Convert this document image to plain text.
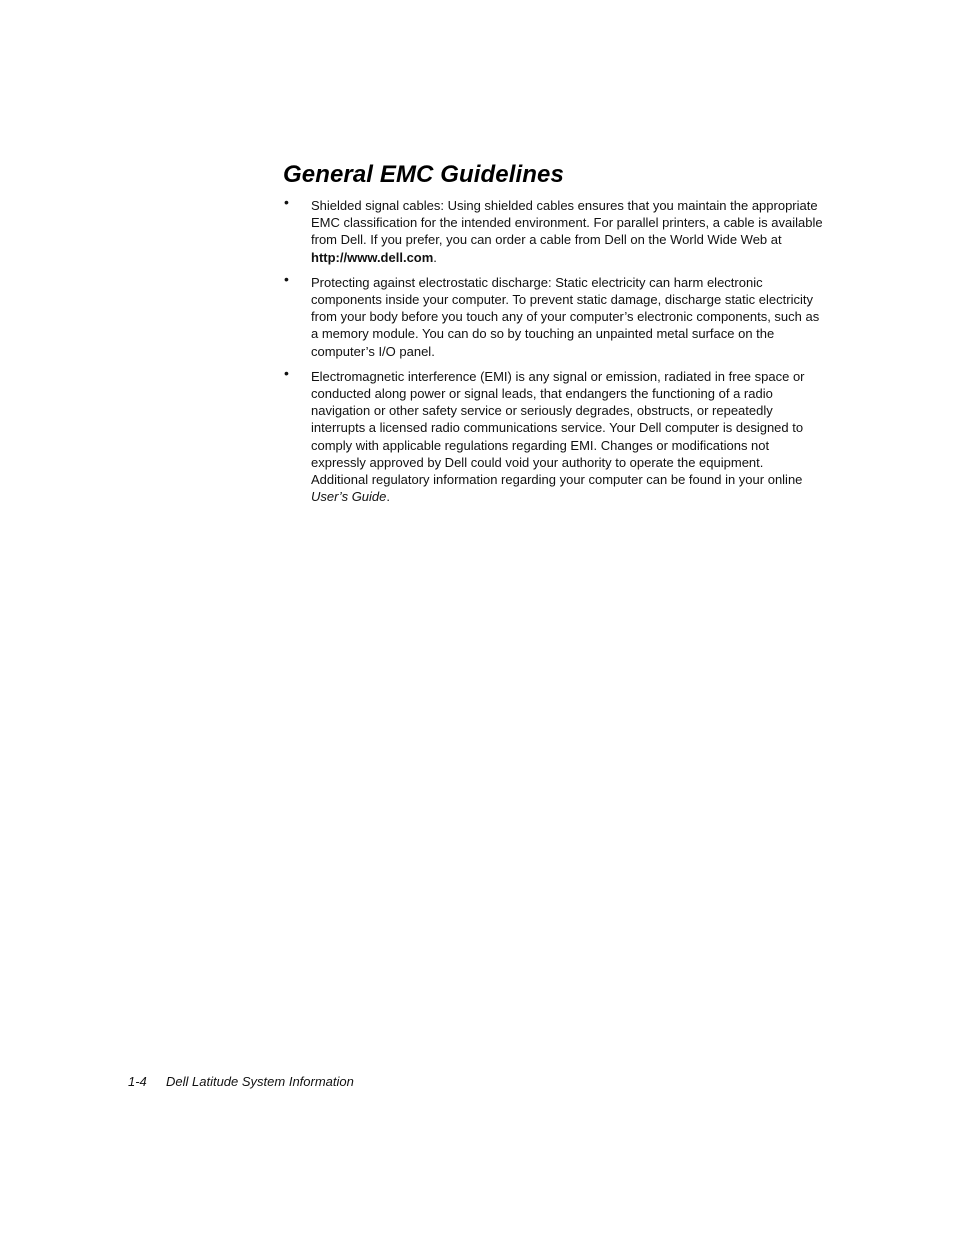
General EMC Guidelines
• Shielded signal cables: Using shielded cables ensures that you maintain the appropriate EMC classification for the intended environment. For parallel printers, a cable is available from Dell. If you prefer, you can order a cable from Dell on the World Wide Web at http://www.dell.com.
• Protecting against electrostatic discharge: Static electricity can harm electronic components inside your computer. To prevent static damage, discharge static electricity from your body before you touch any of your computer’s electronic components, such as a memory module. You can do so by touching an unpainted metal surface on the computer’s I/O panel.
• Electromagnetic interference (EMI) is any signal or emission, radiated in free space or conducted along power or signal leads, that endangers the functioning of a radio navigation or other safety service or seriously degrades, obstructs, or repeatedly interrupts a licensed radio communications service. Your Dell computer is designed to comply with applicable regulations regarding EMI. Changes or modifications not expressly approved by Dell could void your authority to operate the equipment. Additional regulatory information regarding your computer can be found in your online User’s Guide.
1-4 Dell Latitude System Information
